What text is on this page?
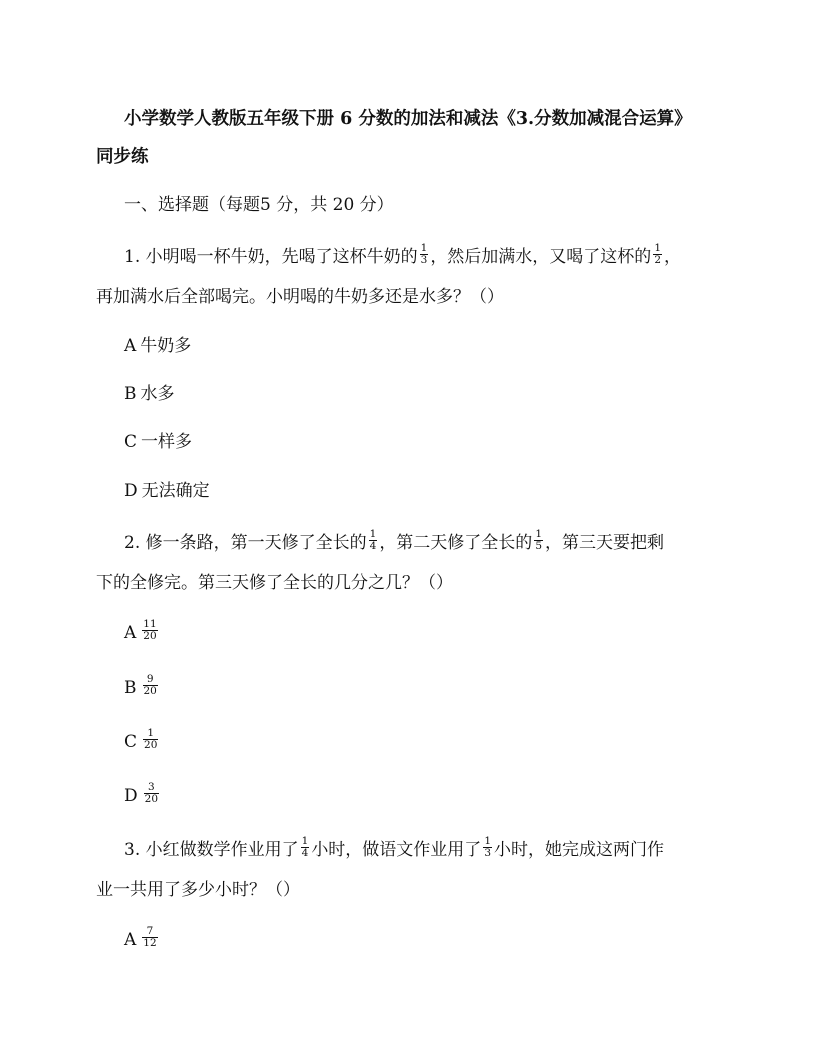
小学数学人教版五年级下册 6 分数的加法和减法《3.分数加减混合运算》
同步练
一、选择题（每题5 分，共 20 分）
1. 小明喝一杯牛奶，先喝了这杯牛奶的 $\frac{1}{3}$ ，然后加满水，又喝了这杯的 $\frac{1}{2}$ ，
再加满水后全部喝完。小明喝的牛奶多还是水多？（）
A 牛奶多
B 水多
C 一样多
D 无法确定
2. 修一条路，第一天修了全长的 $\frac{1}{4}$ ，第二天修了全长的 $\frac{1}{5}$ ，第三天要把剩
下的全修完。第三天修了全长的几分之几？（）
A $\frac{11}{20}$
B $\frac{9}{20}$
C $\frac{1}{20}$
D $\frac{3}{20}$
3. 小红做数学作业用了 $\frac{1}{4}$ 小时，做语文作业用了 $\frac{1}{3}$ 小时，她完成这两门作
业一共用了多少小时？（）
A $\frac{7}{12}$
